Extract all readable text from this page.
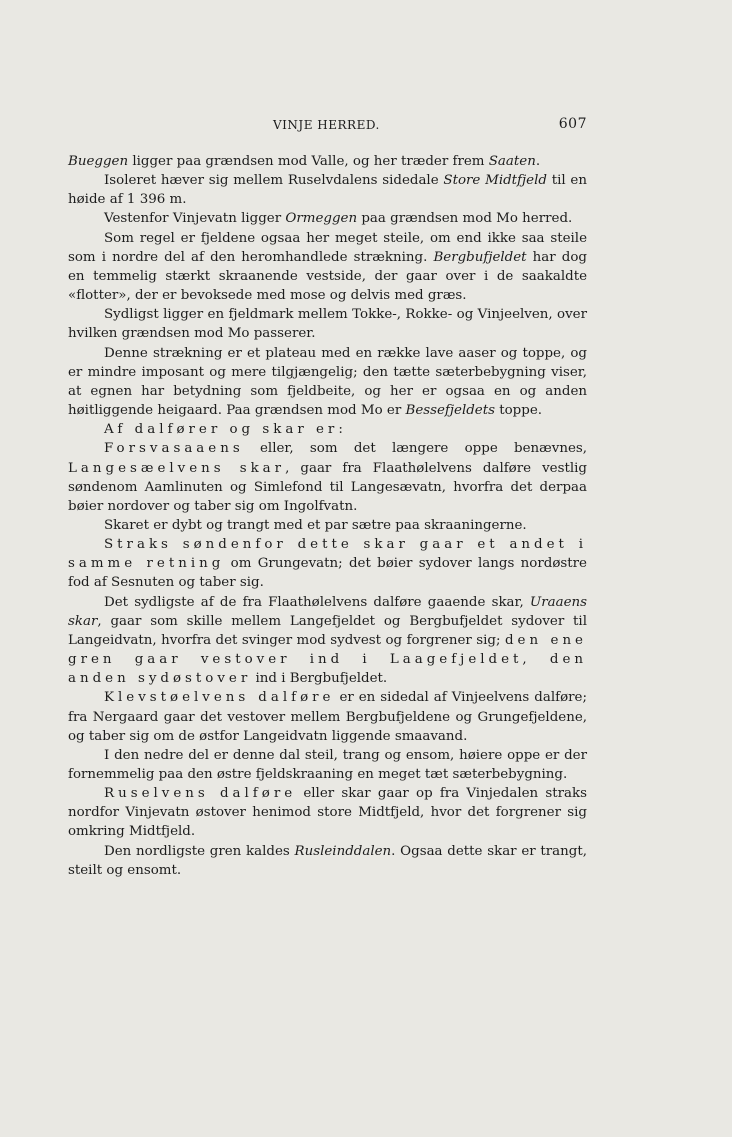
VINJE HERRED.	607

Bueggen ligger paa grændsen mod Valle, og her træder frem Saaten.

Isoleret hæver sig mellem Ruselvdalens sidedale Store Midtfjeld til en høide af 1 396 m.

Vestenfor Vinjevatn ligger Ormeggen paa grændsen mod Mo herred.

Som regel er fjeldene ogsaa her meget steile, om end ikke saa steile som i nordre del af den heromhandlede strækning. Bergbufjeldet har dog en temmelig stærkt skraanende vestside, der gaar over i de saakaldte «flotter», der er bevoksede med mose og delvis med græs.

Sydligst ligger en fjeldmark mellem Tokke-, Rokke- og Vinjeelven, over hvilken grændsen mod Mo passerer.

Denne strækning er et plateau med en række lave aaser og toppe, og er mindre imposant og mere tilgjængelig; den tætte sæterbebygning viser, at egnen har betydning som fjeldbeite, og her er ogsaa en og anden høitliggende heigaard. Paa grændsen mod Mo er Bessefjeldets toppe.

Af dalfører og skar er:

Forsvasaaens eller, som det længere oppe benævnes, Langesæelvens skar, gaar fra Flaathølelvens dalføre vestlig søndenom Aamlinuten og Simlefond til Langesævatn, hvorfra det derpaa bøier nordover og taber sig om Ingolfvatn.

Skaret er dybt og trangt med et par sætre paa skraaningerne.

Straks søndenfor dette skar gaar et andet i samme retning om Grungevatn; det bøier sydover langs nordøstre fod af Sesnuten og taber sig.

Det sydligste af de fra Flaathølelvens dalføre gaaende skar, Uraaens skar, gaar som skille mellem Langefjeldet og Bergbufjeldet sydover til Langeidvatn, hvorfra det svinger mod sydvest og forgrener sig; den ene gren gaar vestover ind i Laagefjeldet, den anden sydøstover ind i Bergbufjeldet.

Klevstøelvens dalføre er en sidedal af Vinjeelvens dalføre; fra Nergaard gaar det vestover mellem Bergbufjeldene og Grungefjeldene, og taber sig om de østfor Langeidvatn liggende smaavand.

I den nedre del er denne dal steil, trang og ensom, høiere oppe er der fornemmelig paa den østre fjeldskraaning en meget tæt sæterbebygning.

Ruselvens dalføre eller skar gaar op fra Vinjedalen straks nordfor Vinjevatn østover henimod store Midtfjeld, hvor det forgrener sig omkring Midtfjeld.

Den nordligste gren kaldes Rusleinddalen. Ogsaa dette skar er trangt, steilt og ensomt.
